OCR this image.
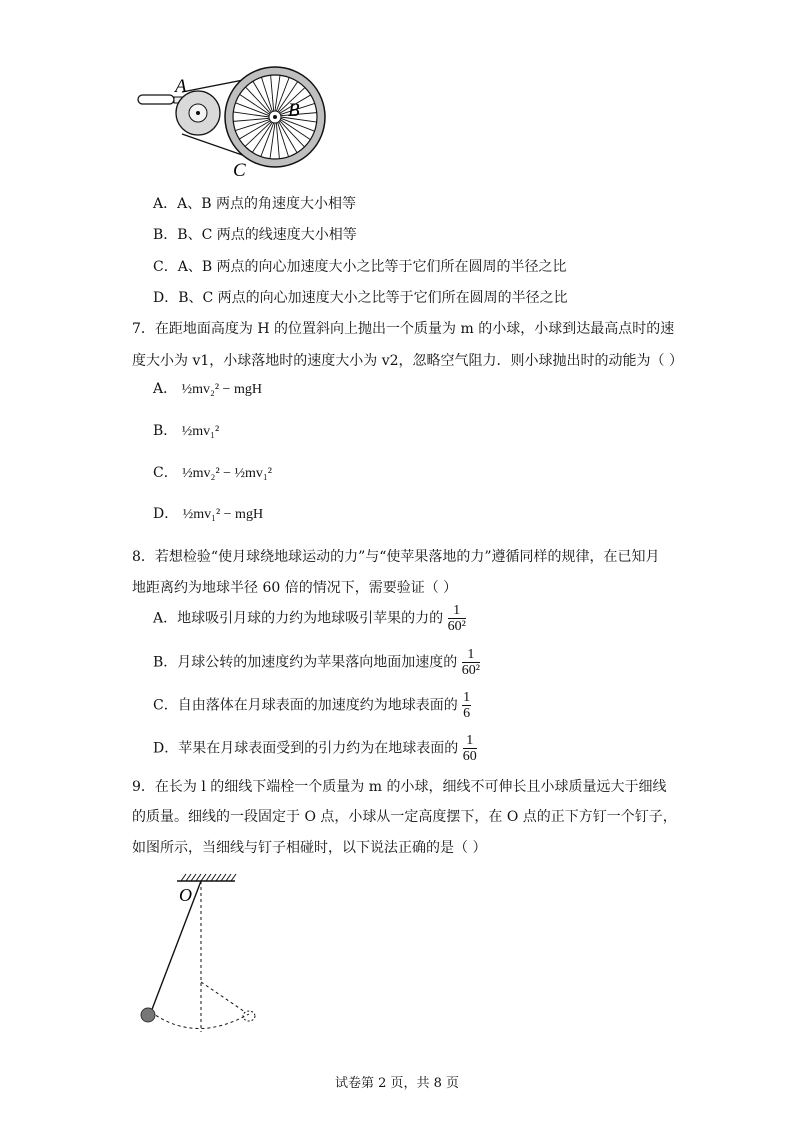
A
B
C
A．A、B 两点的角速度大小相等
B．B、C 两点的线速度大小相等
C．A、B 两点的向心加速度大小之比等于它们所在圆周的半径之比
D．B、C 两点的向心加速度大小之比等于它们所在圆周的半径之比
7．在距地面高度为 H 的位置斜向上抛出一个质量为 m 的小球，小球到达最高点时的速
度大小为 v1，小球落地时的速度大小为 v2，忽略空气阻力．则小球抛出时的动能为（ ）
A． ½mv₂² − mgH
B． ½mv₁²
C． ½mv₂² − ½mv₁²
D． ½mv₁² − mgH
8．若想检验“使月球绕地球运动的力”与“使苹果落地的力”遵循同样的规律，在已知月
地距离约为地球半径 60 倍的情况下，需要验证（ ）
A．地球吸引月球的力约为地球吸引苹果的力的 $\frac{1}{\text{60²}}$
B．月球公转的加速度约为苹果落向地面加速度的 $\frac{1}{\text{60²}}$
C．自由落体在月球表面的加速度约为地球表面的 $\frac{1}{6}$
D．苹果在月球表面受到的引力约为在地球表面的 $\frac{1}{60}$
9．在长为 l 的细线下端栓一个质量为 m 的小球，细线不可伸长且小球质量远大于细线
的质量。细线的一段固定于 O 点，小球从一定高度摆下，在 O 点的正下方钉一个钉子，
如图所示，当细线与钉子相碰时，以下说法正确的是（ ）
O
试卷第 2 页，共 8 页
